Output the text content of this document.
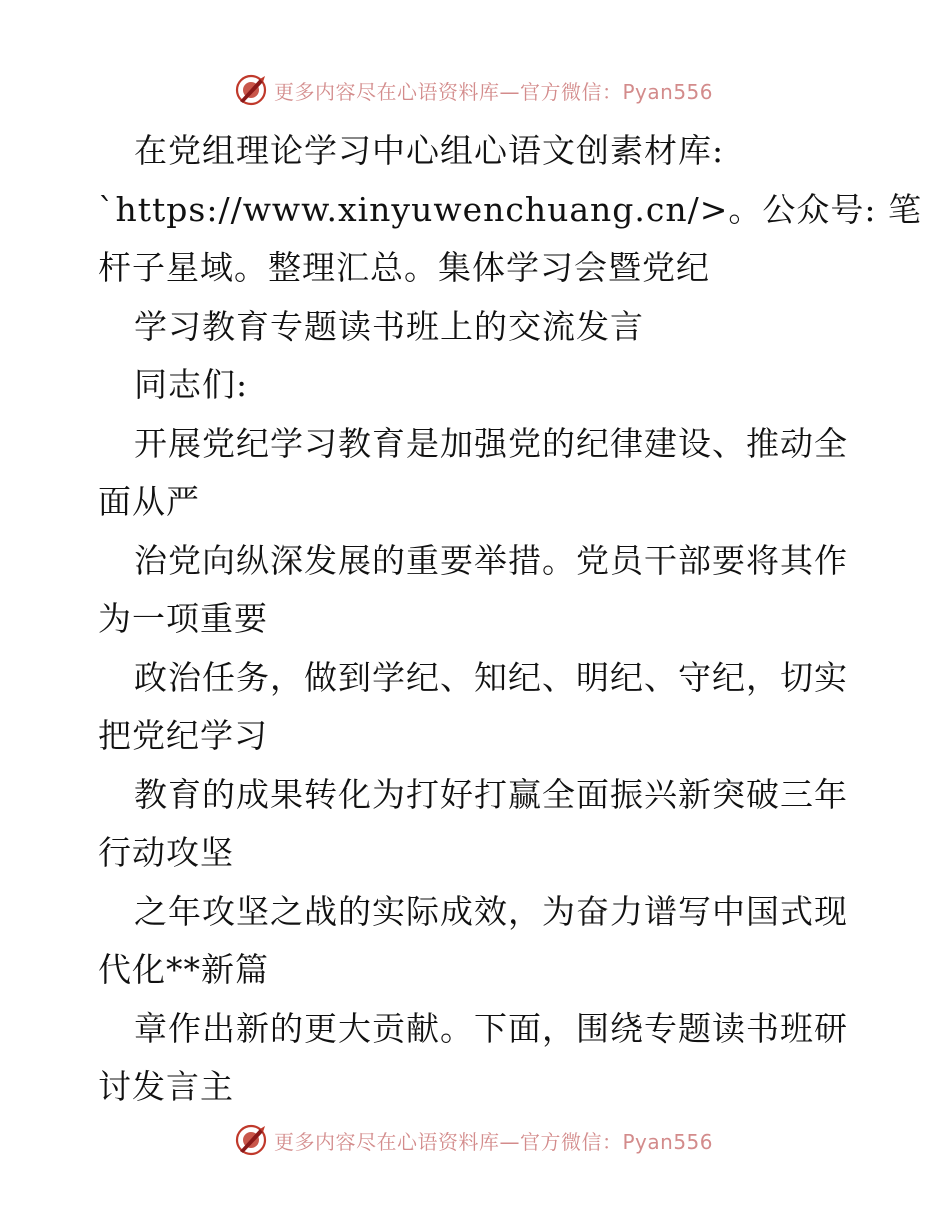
更多内容尽在心语资料库—官方微信：Pyan556
在党组理论学习中心组心语文创素材库:
`https://www.xinyuwenchuang.cn/>。公众号: 笔
杆子星域。整理汇总。集体学习会暨党纪
学习教育专题读书班上的交流发言
同志们:
开展党纪学习教育是加强党的纪律建设、推动全
面从严
治党向纵深发展的重要举措。党员干部要将其作
为一项重要
政治任务，做到学纪、知纪、明纪、守纪，切实
把党纪学习
教育的成果转化为打好打赢全面振兴新突破三年
行动攻坚
之年攻坚之战的实际成效，为奋力谱写中国式现
代化**新篇
章作出新的更大贡献。下面，围绕专题读书班研
讨发言主
更多内容尽在心语资料库—官方微信：Pyan556
